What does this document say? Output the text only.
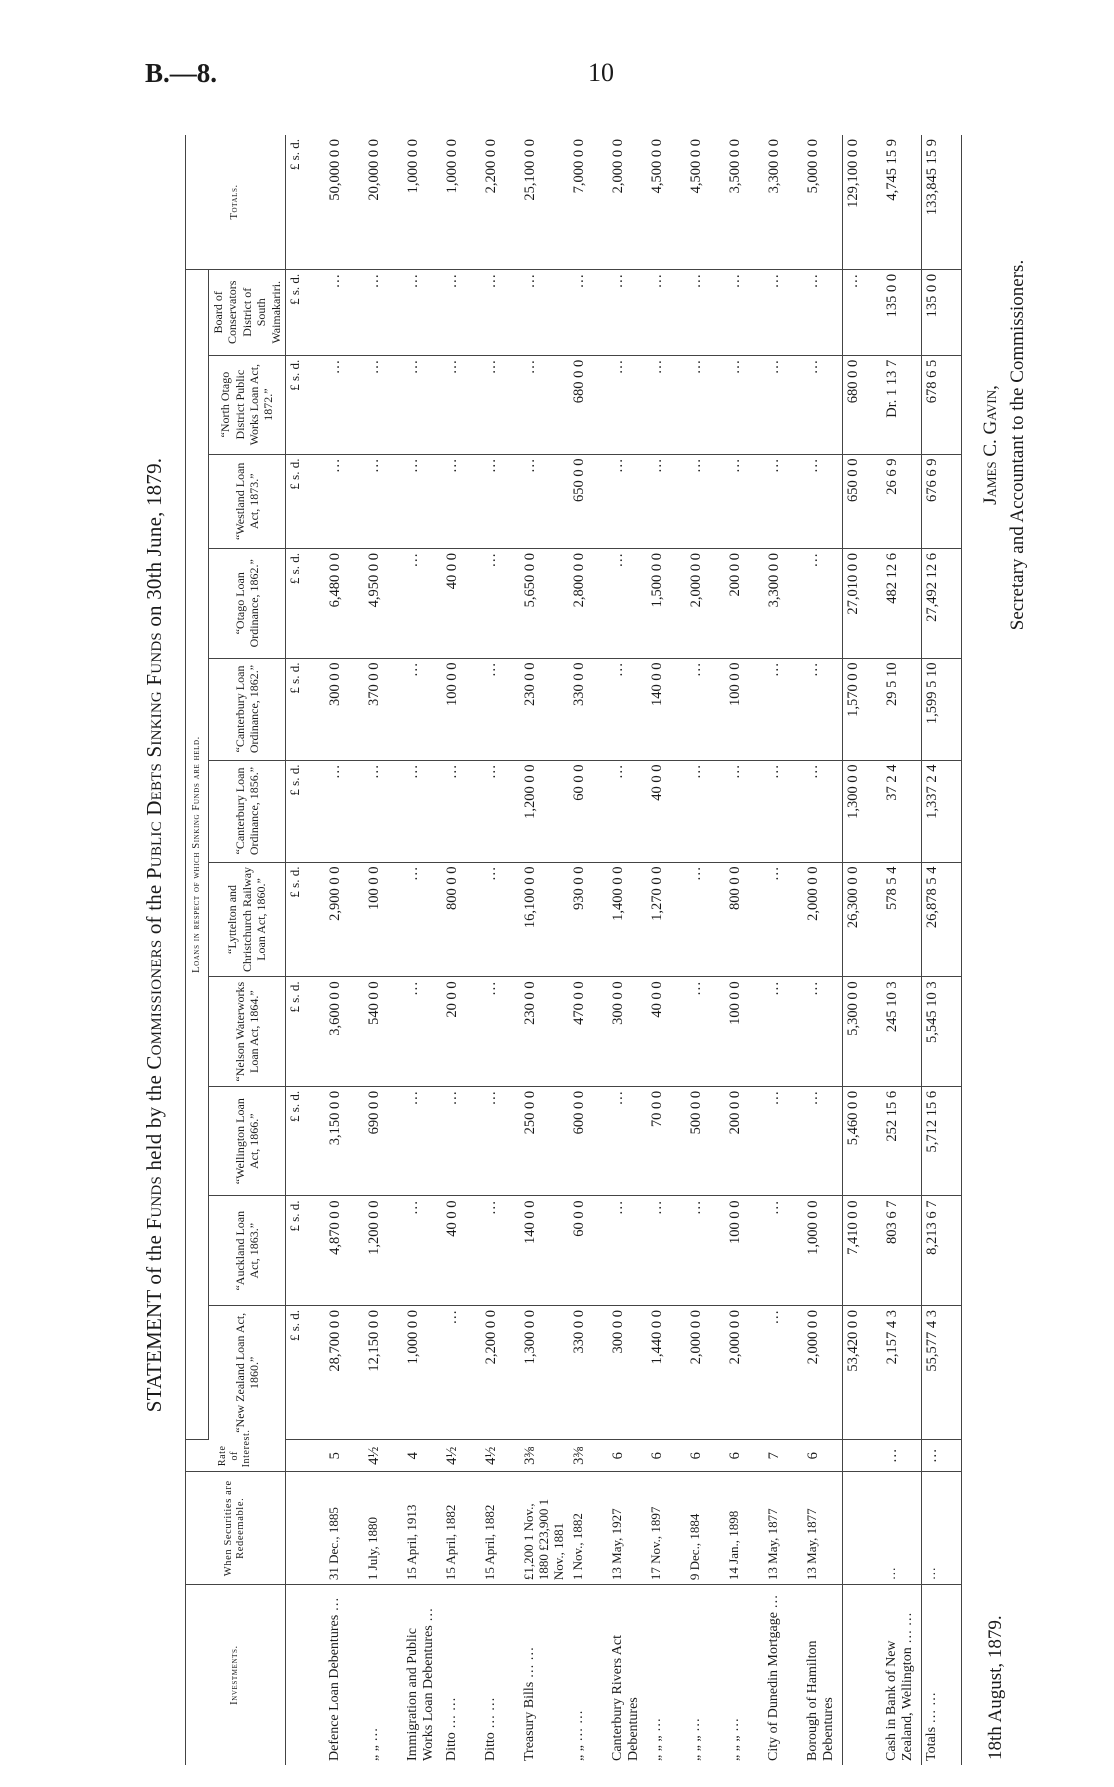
B.—8.	10
STATEMENT of the Funds held by the Commissioners of the Public Debts Sinking Funds on 30th June, 1879.
Investments.	When Securities are Redeemable.	Rate of Interest.	Loans in respect of which Sinking Funds are held.											Totals.
			“New Zealand Loan Act, 1860.”	“Auckland Loan Act, 1863.”	“Wellington Loan Act, 1866.”	“Nelson Waterworks Loan Act, 1864.”	“Lyttelton and Christchurch Railway Loan Act, 1860.”	“Canterbury Loan Ordinance, 1856.”	“Canterbury Loan Ordinance, 1862.”	“Otago Loan Ordinance, 1862.”	“Westland Loan Act, 1873.”	“North Otago District Public Works Loan Act, 1872.”	Board of Conservators District of South Waimakariri.	
			£ s. d.	£ s. d.	£ s. d.	£ s. d.	£ s. d.	£ s. d.	£ s. d.	£ s. d.	£ s. d.	£ s. d.	£ s. d.	£ s. d.
Defence Loan Debentures …	31 Dec., 1885	5	28,700 0 0	4,870 0 0	3,150 0 0	3,600 0 0	2,900 0 0	…	300 0 0	6,480 0 0	…	…	…	50,000 0 0
„ „ …	1 July, 1880	4½	12,150 0 0	1,200 0 0	690 0 0	540 0 0	100 0 0	…	370 0 0	4,950 0 0	…	…	…	20,000 0 0
Immigration and Public Works Loan Debentures …	15 April, 1913	4	1,000 0 0	…	…	…	…	…	…	…	…	…	…	1,000 0 0
Ditto … …	15 April, 1882	4½	…	40 0 0	…	20 0 0	800 0 0	…	100 0 0	40 0 0	…	…	…	1,000 0 0
Ditto … …	15 April, 1882	4½	2,200 0 0	…	…	…	…	…	…	…	…	…	…	2,200 0 0
Treasury Bills … …	£1,200 1 Nov., 1880 £23,900 1 Nov., 1881	3⅜	1,300 0 0	140 0 0	250 0 0	230 0 0	16,100 0 0	1,200 0 0	230 0 0	5,650 0 0	…	…	…	25,100 0 0
„ „ … …	1 Nov., 1882	3⅜	330 0 0	60 0 0	600 0 0	470 0 0	930 0 0	60 0 0	330 0 0	2,800 0 0	650 0 0	680 0 0	…	7,000 0 0
Canterbury Rivers Act Debentures	13 May, 1927	6	300 0 0	…	…	300 0 0	1,400 0 0	…	…	…	…	…	…	2,000 0 0
„ „ „ …	17 Nov., 1897	6	1,440 0 0	…	70 0 0	40 0 0	1,270 0 0	40 0 0	140 0 0	1,500 0 0	…	…	…	4,500 0 0
„ „ „ …	9 Dec., 1884	6	2,000 0 0	…	500 0 0	…	…	…	…	2,000 0 0	…	…	…	4,500 0 0
„ „ „ …	14 Jan., 1898	6	2,000 0 0	100 0 0	200 0 0	100 0 0	800 0 0	…	100 0 0	200 0 0	…	…	…	3,500 0 0
City of Dunedin Mortgage …	13 May, 1877	7	…	…	…	…	…	…	…	3,300 0 0	…	…	…	3,300 0 0
Borough of Hamilton Debentures	13 May, 1877	6	2,000 0 0	1,000 0 0	…	…	2,000 0 0	…	…	…	…	…	…	5,000 0 0
			53,420 0 0	7,410 0 0	5,460 0 0	5,300 0 0	26,300 0 0	1,300 0 0	1,570 0 0	27,010 0 0	650 0 0	680 0 0	…	129,100 0 0
Cash in Bank of New Zealand, Wellington … …	…	…	2,157 4 3	803 6 7	252 15 6	245 10 3	578 5 4	37 2 4	29 5 10	482 12 6	26 6 9	Dr. 1 13 7	135 0 0	4,745 15 9
Totals … …	…	…	55,577 4 3	8,213 6 7	5,712 15 6	5,545 10 3	26,878 5 4	1,337 2 4	1,599 5 10	27,492 12 6	676 6 9	678 6 5	135 0 0	133,845 15 9
18th August, 1879.
James C. Gavin, Secretary and Accountant to the Commissioners.
